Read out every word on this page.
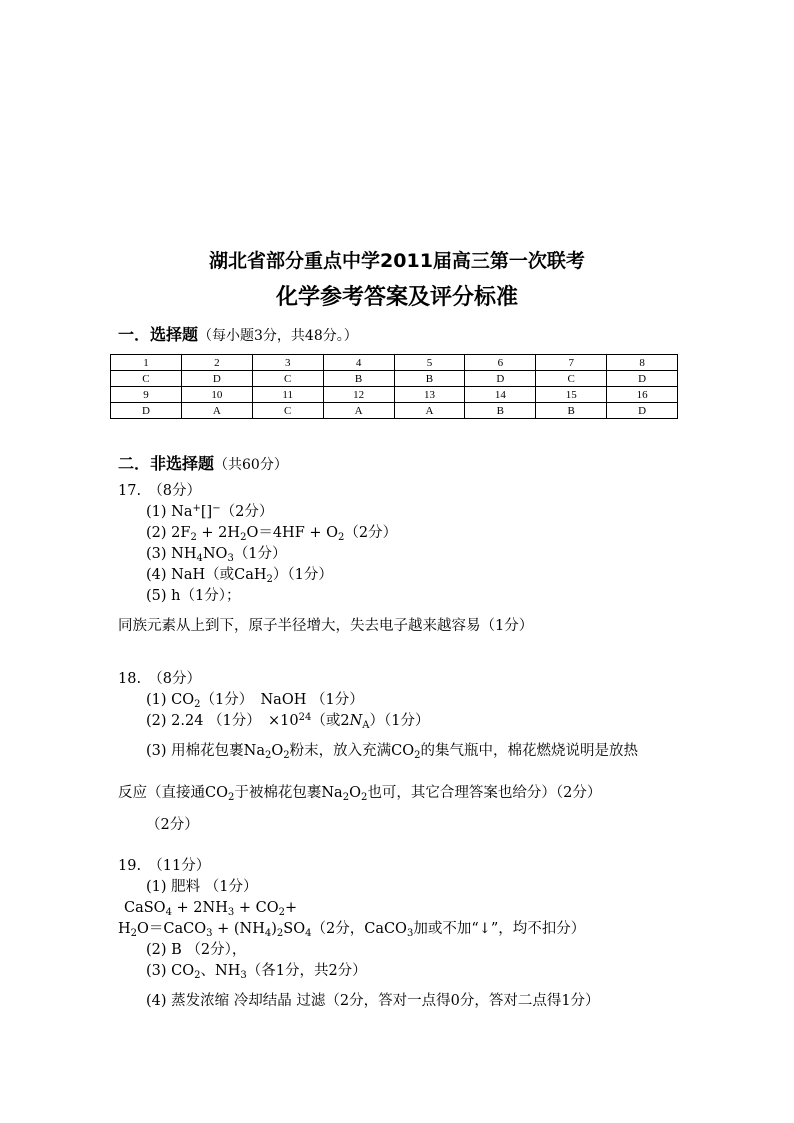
湖北省部分重点中学2011届高三第一次联考
化学参考答案及评分标准
一．选择题（每小题3分，共48分。）
1	2	3	4	5	6	7	8
C	D	C	B	B	D	C	D
9	10	11	12	13	14	15	16
D	A	C	A	A	B	B	D
二．非选择题（共60分）
17.　（8分）
(1) Na+[]−（2分）
(2) $2F_2 + 2H_2O=4HF + O_2(2$分）
(3) $NH_4NO_3(1$分）
(4) NaH（或CaH$_2$）（1分）
(5) h（1分）；
同族元素从上到下，原子半径增大，失去电子越来越容易（1分）
18.　（8分）
(1) $CO_2(1$分）　NaOH （1分）
(2) 2.24 （1分）　$\times 10^{24}$（或$2N_A)(1$分）
(3) 用棉花包裹$Na_2O_2$粉末，放入充满$CO_2$的集气瓶中，棉花燃烧说明是放热
反应（直接通$CO_2$于被棉花包裹$Na_2O_2$也可，其它合理答案也给分）（2分）
（2分）
19.　（11分）
(1) 肥料 （1分）
CaSO$_4$ + $2NH_3 + CO_2+$
$H_2O=CaCO_3 + (NH_4)_2SO_4(2$分，CaCO$_3$加或不加“↓”，均不扣分）
(2) B （2分），
(3) $CO_2$、$NH_3$（各1分，共2分）
(4) 蒸发浓缩 冷却结晶 过滤（2分，答对一点得0分，答对二点得1分）
